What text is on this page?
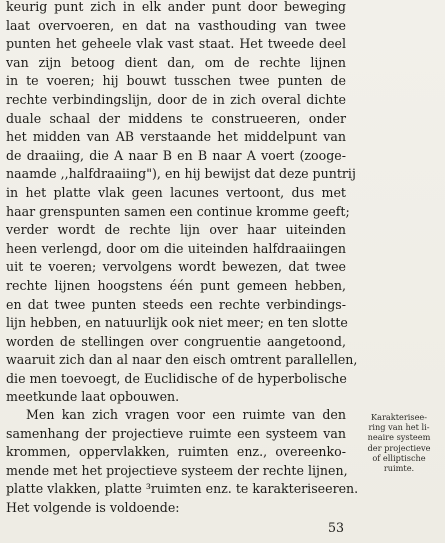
keurig punt zich in elk ander punt door beweging
laat overvoeren, en dat na vasthouding van twee
punten het geheele vlak vast staat. Het tweede deel
van zijn betoog dient dan, om de rechte lijnen
in te voeren; hij bouwt tusschen twee punten de
rechte verbindingslijn, door de in zich overal dichte
duale schaal der middens te construeeren, onder
het midden van AB verstaande het middelpunt van
de draaiing, die A naar B en B naar A voert (zooge-
naamde ,,halfdraaiing"), en hij bewijst dat deze puntrij
in het platte vlak geen lacunes vertoont, dus met
haar grenspunten samen een continue kromme geeft;
verder wordt de rechte lijn over haar uiteinden
heen verlengd, door om die uiteinden halfdraaiingen
uit te voeren; vervolgens wordt bewezen, dat twee
rechte lijnen hoogstens één punt gemeen hebben,
en dat twee punten steeds een rechte verbindings-
lijn hebben, en natuurlijk ook niet meer; en ten slotte
worden de stellingen over congruentie aangetoond,
waaruit zich dan al naar den eisch omtrent parallellen,
die men toevoegt, de Euclidische of de hyperbolische
meetkunde laat opbouwen.
Men kan zich vragen voor een ruimte van den
samenhang der projectieve ruimte een systeem van
krommen, oppervlakken, ruimten enz., overeenko-
mende met het projectieve systeem der rechte lijnen,
platte vlakken, platte ³ruimten enz. te karakteriseeren.
Het volgende is voldoende:
Karakterisee-
ring van het li-
neaire systeem
der projectieve
of elliptische
ruimte.
53
